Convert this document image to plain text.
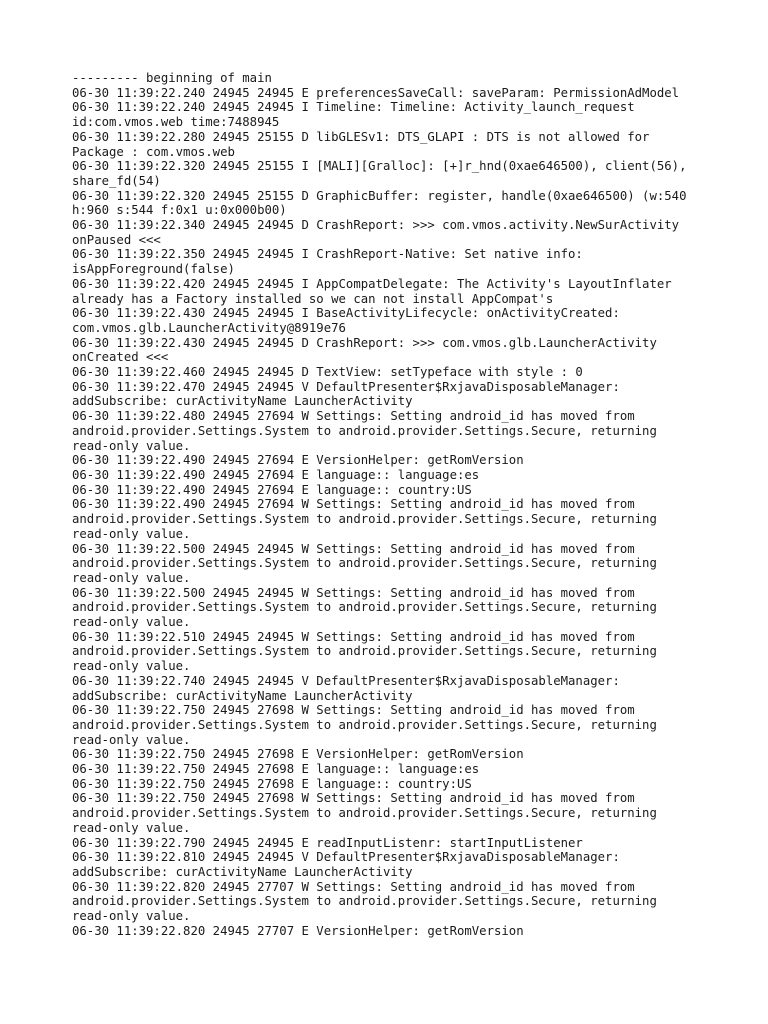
--------- beginning of main
06-30 11:39:22.240 24945 24945 E preferencesSaveCall: saveParam: PermissionAdModel
06-30 11:39:22.240 24945 24945 I Timeline: Timeline: Activity_launch_request
id:com.vmos.web time:7488945
06-30 11:39:22.280 24945 25155 D libGLESv1: DTS_GLAPI : DTS is not allowed for
Package : com.vmos.web
06-30 11:39:22.320 24945 25155 I [MALI][Gralloc]: [+]r_hnd(0xae646500), client(56),
share_fd(54)
06-30 11:39:22.320 24945 25155 D GraphicBuffer: register, handle(0xae646500) (w:540
h:960 s:544 f:0x1 u:0x000b00)
06-30 11:39:22.340 24945 24945 D CrashReport: >>> com.vmos.activity.NewSurActivity
onPaused <<<
06-30 11:39:22.350 24945 24945 I CrashReport-Native: Set native info:
isAppForeground(false)
06-30 11:39:22.420 24945 24945 I AppCompatDelegate: The Activity's LayoutInflater
already has a Factory installed so we can not install AppCompat's
06-30 11:39:22.430 24945 24945 I BaseActivityLifecycle: onActivityCreated:
com.vmos.glb.LauncherActivity@8919e76
06-30 11:39:22.430 24945 24945 D CrashReport: >>> com.vmos.glb.LauncherActivity
onCreated <<<
06-30 11:39:22.460 24945 24945 D TextView: setTypeface with style : 0
06-30 11:39:22.470 24945 24945 V DefaultPresenter$RxjavaDisposableManager:
addSubscribe: curActivityName LauncherActivity
06-30 11:39:22.480 24945 27694 W Settings: Setting android_id has moved from
android.provider.Settings.System to android.provider.Settings.Secure, returning
read-only value.
06-30 11:39:22.490 24945 27694 E VersionHelper: getRomVersion
06-30 11:39:22.490 24945 27694 E language:: language:es
06-30 11:39:22.490 24945 27694 E language:: country:US
06-30 11:39:22.490 24945 27694 W Settings: Setting android_id has moved from
android.provider.Settings.System to android.provider.Settings.Secure, returning
read-only value.
06-30 11:39:22.500 24945 24945 W Settings: Setting android_id has moved from
android.provider.Settings.System to android.provider.Settings.Secure, returning
read-only value.
06-30 11:39:22.500 24945 24945 W Settings: Setting android_id has moved from
android.provider.Settings.System to android.provider.Settings.Secure, returning
read-only value.
06-30 11:39:22.510 24945 24945 W Settings: Setting android_id has moved from
android.provider.Settings.System to android.provider.Settings.Secure, returning
read-only value.
06-30 11:39:22.740 24945 24945 V DefaultPresenter$RxjavaDisposableManager:
addSubscribe: curActivityName LauncherActivity
06-30 11:39:22.750 24945 27698 W Settings: Setting android_id has moved from
android.provider.Settings.System to android.provider.Settings.Secure, returning
read-only value.
06-30 11:39:22.750 24945 27698 E VersionHelper: getRomVersion
06-30 11:39:22.750 24945 27698 E language:: language:es
06-30 11:39:22.750 24945 27698 E language:: country:US
06-30 11:39:22.750 24945 27698 W Settings: Setting android_id has moved from
android.provider.Settings.System to android.provider.Settings.Secure, returning
read-only value.
06-30 11:39:22.790 24945 24945 E readInputListenr: startInputListener
06-30 11:39:22.810 24945 24945 V DefaultPresenter$RxjavaDisposableManager:
addSubscribe: curActivityName LauncherActivity
06-30 11:39:22.820 24945 27707 W Settings: Setting android_id has moved from
android.provider.Settings.System to android.provider.Settings.Secure, returning
read-only value.
06-30 11:39:22.820 24945 27707 E VersionHelper: getRomVersion
